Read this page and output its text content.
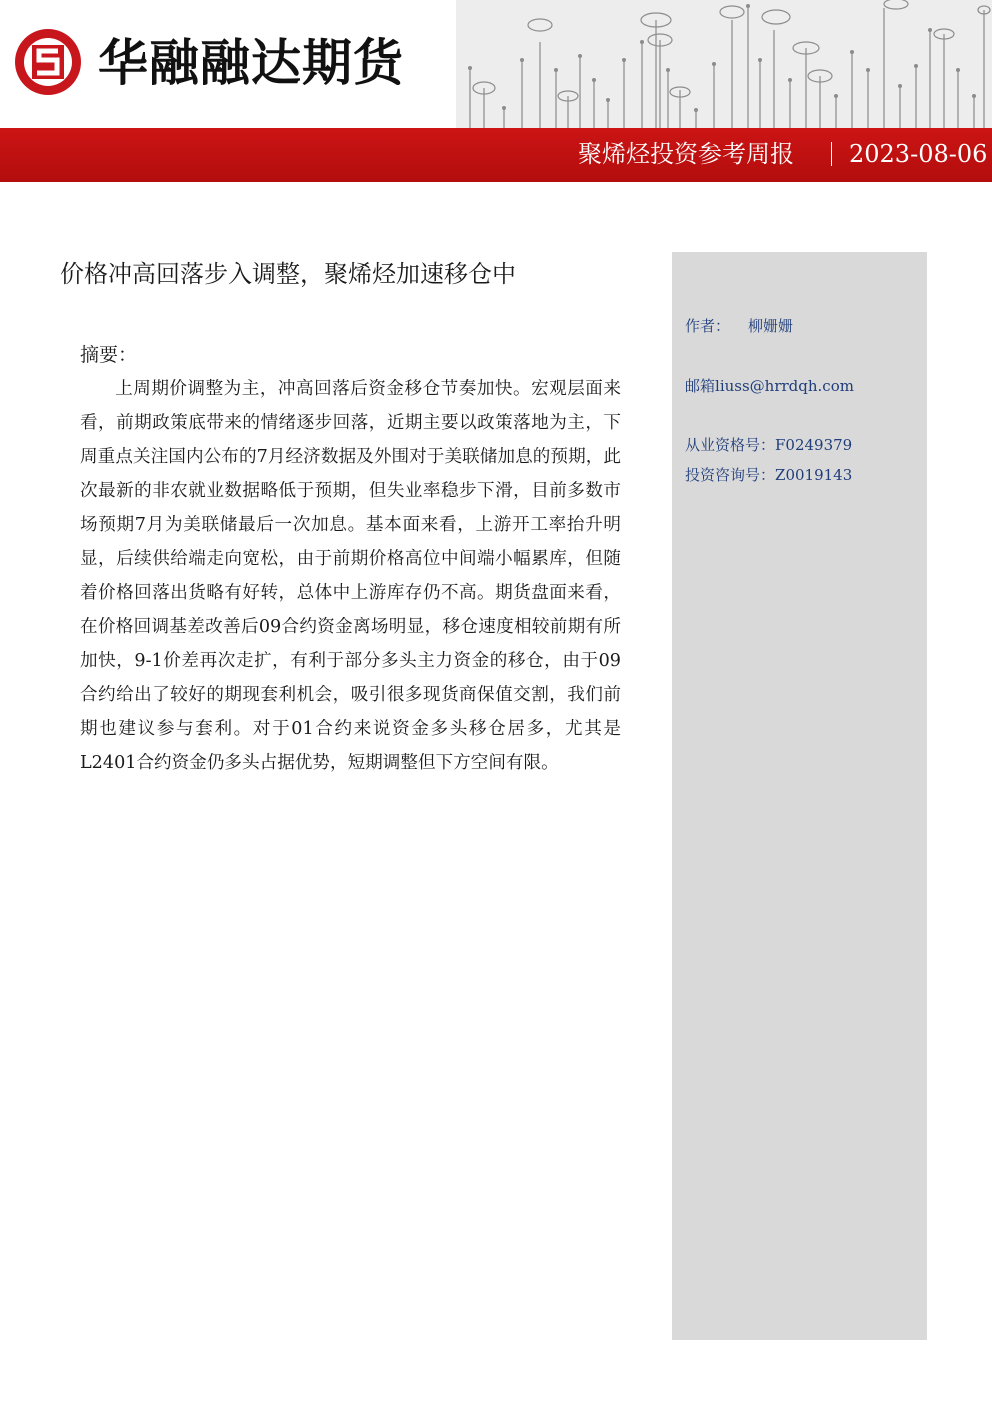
华融融达期货
聚烯烃投资参考周报 2023-08-06
价格冲高回落步入调整，聚烯烃加速移仓中
摘要：

上周期价调整为主，冲高回落后资金移仓节奏加快。宏观层面来看，前期政策底带来的情绪逐步回落，近期主要以政策落地为主，下周重点关注国内公布的7月经济数据及外围对于美联储加息的预期，此次最新的非农就业数据略低于预期，但失业率稳步下滑，目前多数市场预期7月为美联储最后一次加息。基本面来看，上游开工率抬升明显，后续供给端走向宽松，由于前期价格高位中间端小幅累库，但随着价格回落出货略有好转，总体中上游库存仍不高。期货盘面来看，在价格回调基差改善后09合约资金离场明显，移仓速度相较前期有所加快，9-1价差再次走扩，有利于部分多头主力资金的移仓，由于09合约给出了较好的期现套利机会，吸引很多现货商保值交割，我们前期也建议参与套利。对于01合约来说资金多头移仓居多，尤其是L2401合约资金仍多头占据优势，短期调整但下方空间有限。

作者： 柳姗姗
邮箱liuss@hrrdqh.com
从业资格号：F0249379
投资咨询号：Z0019143
